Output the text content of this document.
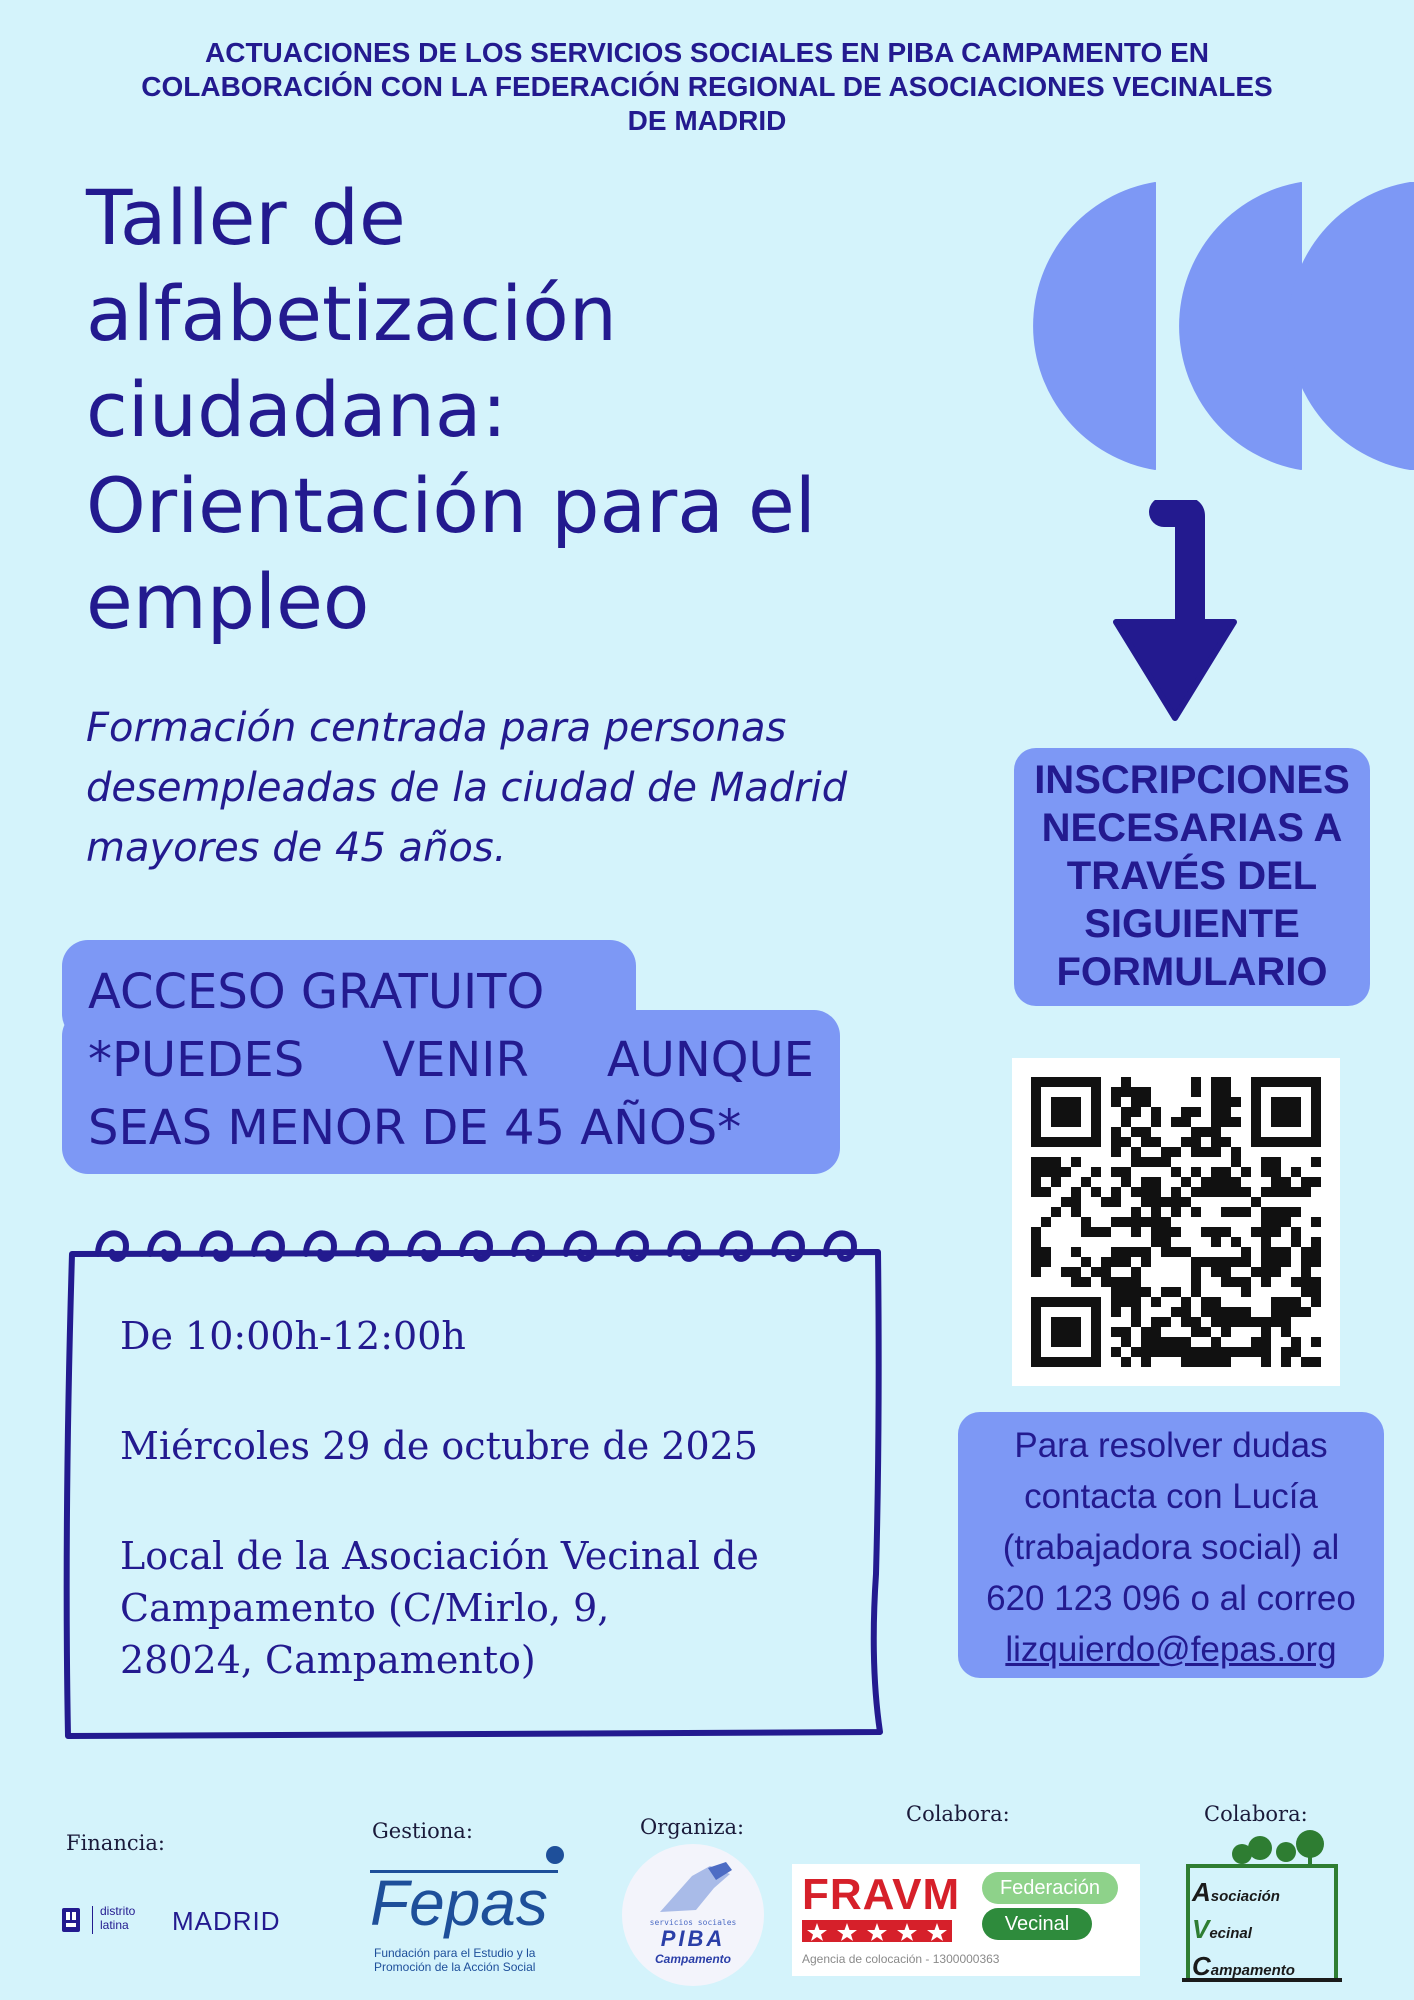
ACTUACIONES DE LOS SERVICIOS SOCIALES EN PIBA CAMPAMENTO EN
COLABORACIÓN CON LA FEDERACIÓN REGIONAL DE ASOCIACIONES VECINALES
DE MADRID
Taller de
alfabetización
ciudadana:
Orientación para el
empleo
Formación centrada para personas
desempleadas de la ciudad de Madrid
mayores de 45 años.
ACCESO GRATUITO
*PUEDES VENIR AUNQUE
SEAS MENOR DE 45 AÑOS*

De 10:00h-12:00h

Miércoles 29 de octubre de 2025

Local de la Asociación Vecinal de
Campamento (C/Mirlo, 9,
28024, Campamento)
INSCRIPCIONES
NECESARIAS A
TRAVÉS DEL
SIGUIENTE
FORMULARIO
Para resolver dudas
contacta con Lucía
(trabajadora social) al
620 123 096 o al correo
lizquierdo@fepas.org
Financia:	Gestiona:	Organiza:
Colabora:	Colabora:
distrito
latina MADRID Fepas
Fundación para el Estudio y la
Promoción de la Acción Social
servicios sociales
PIBA
Campamento
FRAVM	Federación
Vecinal
Agencia de colocación - 1300000363
Asociación
Vecinal
Campamento
